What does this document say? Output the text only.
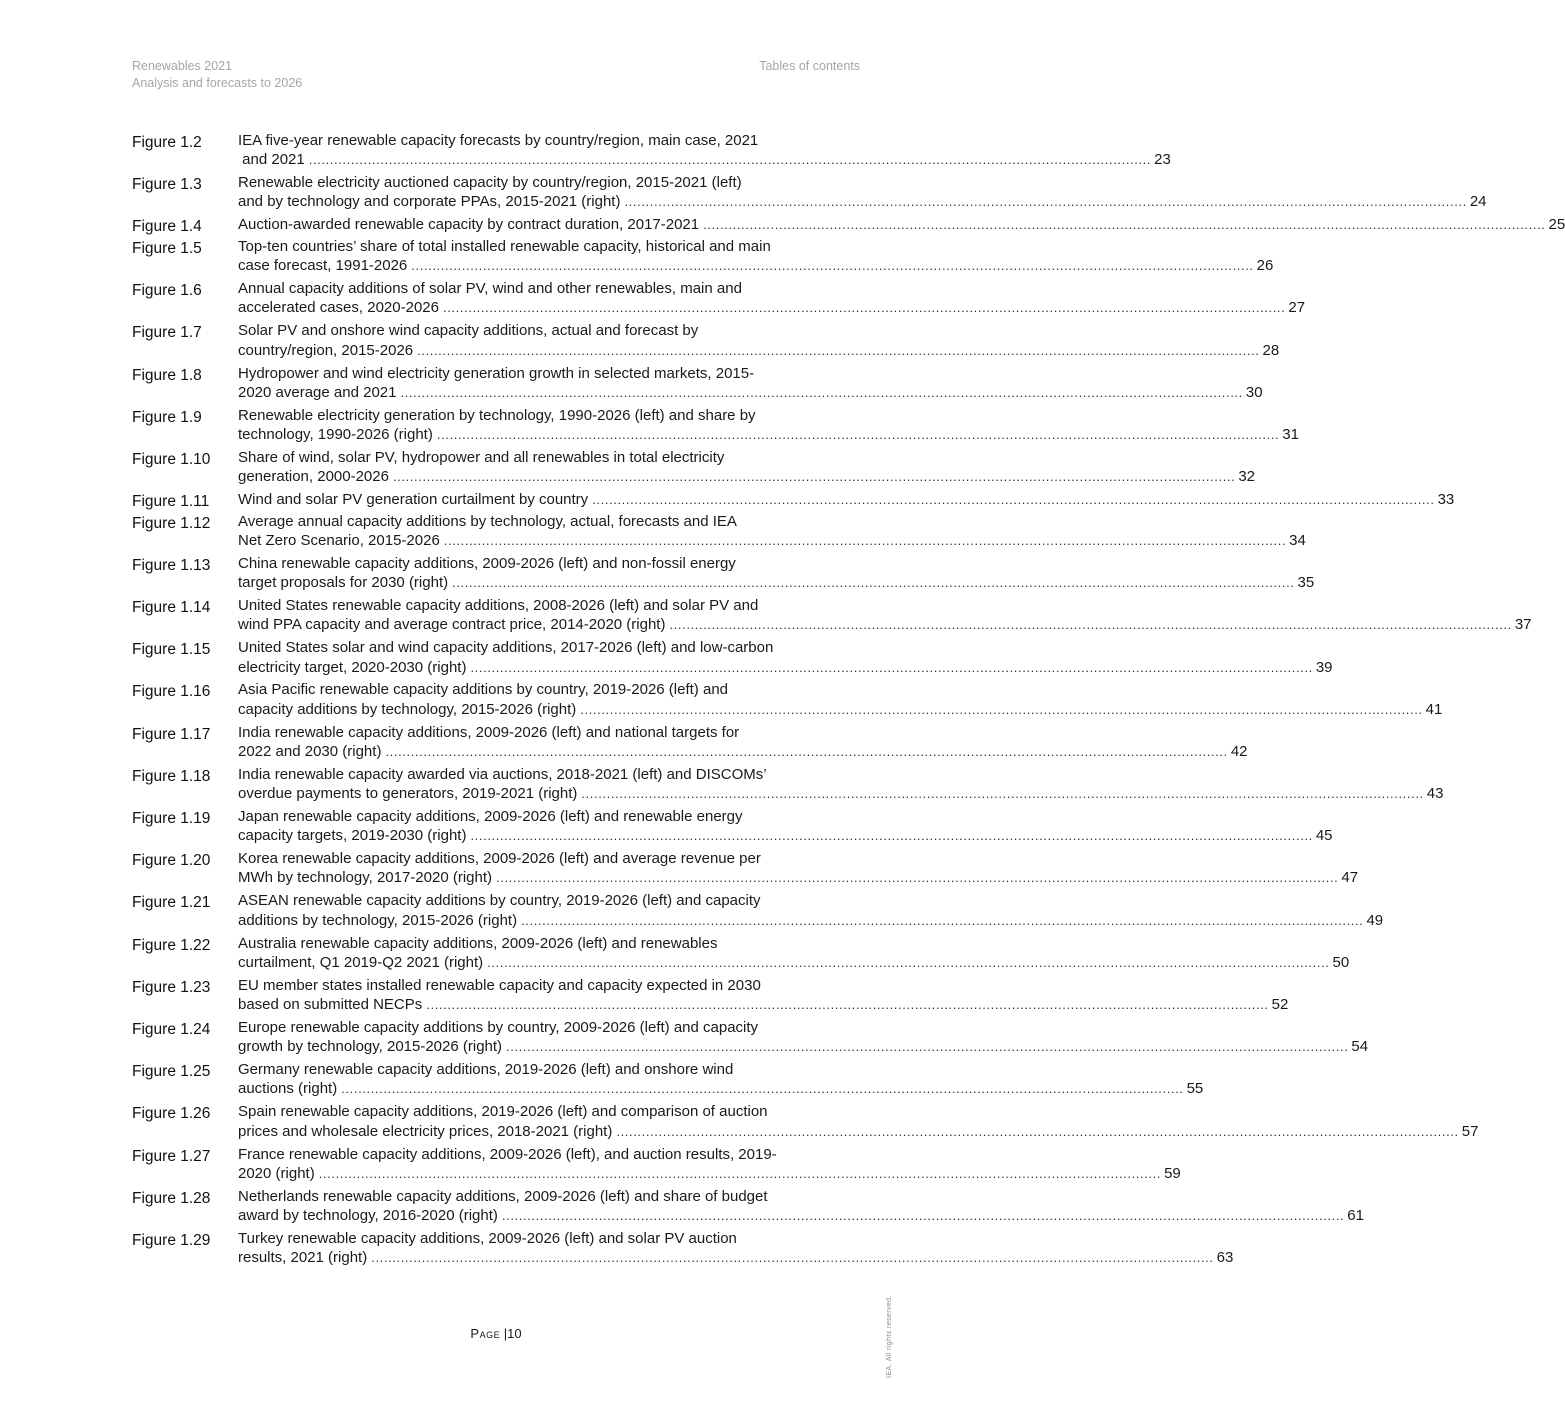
Renewables 2021
Analysis and forecasts to 2026
Tables of contents
Figure 1.2	IEA five-year renewable capacity forecasts by country/region, main case, 2021
and 2021 ........................................................................................................................................................................................................ 23
Figure 1.3	Renewable electricity auctioned capacity by country/region, 2015-2021 (left)
and by technology and corporate PPAs, 2015-2021 (right) ........................................................................................................................................................................................................ 24
Figure 1.4	Auction-awarded renewable capacity by contract duration, 2017-2021 ........................................................................................................................................................................................................ 25
Figure 1.5	Top-ten countries’ share of total installed renewable capacity, historical and main
case forecast, 1991-2026 ........................................................................................................................................................................................................ 26
Figure 1.6	Annual capacity additions of solar PV, wind and other renewables, main and
accelerated cases, 2020-2026 ........................................................................................................................................................................................................ 27
Figure 1.7	Solar PV and onshore wind capacity additions, actual and forecast by
country/region, 2015-2026 ........................................................................................................................................................................................................ 28
Figure 1.8	Hydropower and wind electricity generation growth in selected markets, 2015-
2020 average and 2021 ........................................................................................................................................................................................................ 30
Figure 1.9	Renewable electricity generation by technology, 1990-2026 (left) and share by
technology, 1990-2026 (right) ........................................................................................................................................................................................................ 31
Figure 1.10	Share of wind, solar PV, hydropower and all renewables in total electricity
generation, 2000-2026 ........................................................................................................................................................................................................ 32
Figure 1.11	Wind and solar PV generation curtailment by country ........................................................................................................................................................................................................ 33
Figure 1.12	Average annual capacity additions by technology, actual, forecasts and IEA
Net Zero Scenario, 2015-2026 ........................................................................................................................................................................................................ 34
Figure 1.13	China renewable capacity additions, 2009-2026 (left) and non-fossil energy
target proposals for 2030 (right) ........................................................................................................................................................................................................ 35
Figure 1.14	United States renewable capacity additions, 2008-2026 (left) and solar PV and
wind PPA capacity and average contract price, 2014-2020 (right) ........................................................................................................................................................................................................ 37
Figure 1.15	United States solar and wind capacity additions, 2017-2026 (left) and low-carbon
electricity target, 2020-2030 (right) ........................................................................................................................................................................................................ 39
Figure 1.16	Asia Pacific renewable capacity additions by country, 2019-2026 (left) and
capacity additions by technology, 2015-2026 (right) ........................................................................................................................................................................................................ 41
Figure 1.17	India renewable capacity additions, 2009-2026 (left) and national targets for
2022 and 2030 (right) ........................................................................................................................................................................................................ 42
Figure 1.18	India renewable capacity awarded via auctions, 2018-2021 (left) and DISCOMs’
overdue payments to generators, 2019-2021 (right) ........................................................................................................................................................................................................ 43
Figure 1.19	Japan renewable capacity additions, 2009-2026 (left) and renewable energy
capacity targets, 2019-2030 (right) ........................................................................................................................................................................................................ 45
Figure 1.20	Korea renewable capacity additions, 2009-2026 (left) and average revenue per
MWh by technology, 2017-2020 (right) ........................................................................................................................................................................................................ 47
Figure 1.21	ASEAN renewable capacity additions by country, 2019-2026 (left) and capacity
additions by technology, 2015-2026 (right) ........................................................................................................................................................................................................ 49
Figure 1.22	Australia renewable capacity additions, 2009-2026 (left) and renewables
curtailment, Q1 2019-Q2 2021 (right) ........................................................................................................................................................................................................ 50
Figure 1.23	EU member states installed renewable capacity and capacity expected in 2030
based on submitted NECPs ........................................................................................................................................................................................................ 52
Figure 1.24	Europe renewable capacity additions by country, 2009-2026 (left) and capacity
growth by technology, 2015-2026 (right) ........................................................................................................................................................................................................ 54
Figure 1.25	Germany renewable capacity additions, 2019-2026 (left) and onshore wind
auctions (right) ........................................................................................................................................................................................................ 55
Figure 1.26	Spain renewable capacity additions, 2019-2026 (left) and comparison of auction
prices and wholesale electricity prices, 2018-2021 (right) ........................................................................................................................................................................................................ 57
Figure 1.27	France renewable capacity additions, 2009-2026 (left), and auction results, 2019-
2020 (right) ........................................................................................................................................................................................................ 59
Figure 1.28	Netherlands renewable capacity additions, 2009-2026 (left) and share of budget
award by technology, 2016-2020 (right) ........................................................................................................................................................................................................ 61
Figure 1.29	Turkey renewable capacity additions, 2009-2026 (left) and solar PV auction
results, 2021 (right) ........................................................................................................................................................................................................ 63
Page |10	IEA. All rights reserved.
